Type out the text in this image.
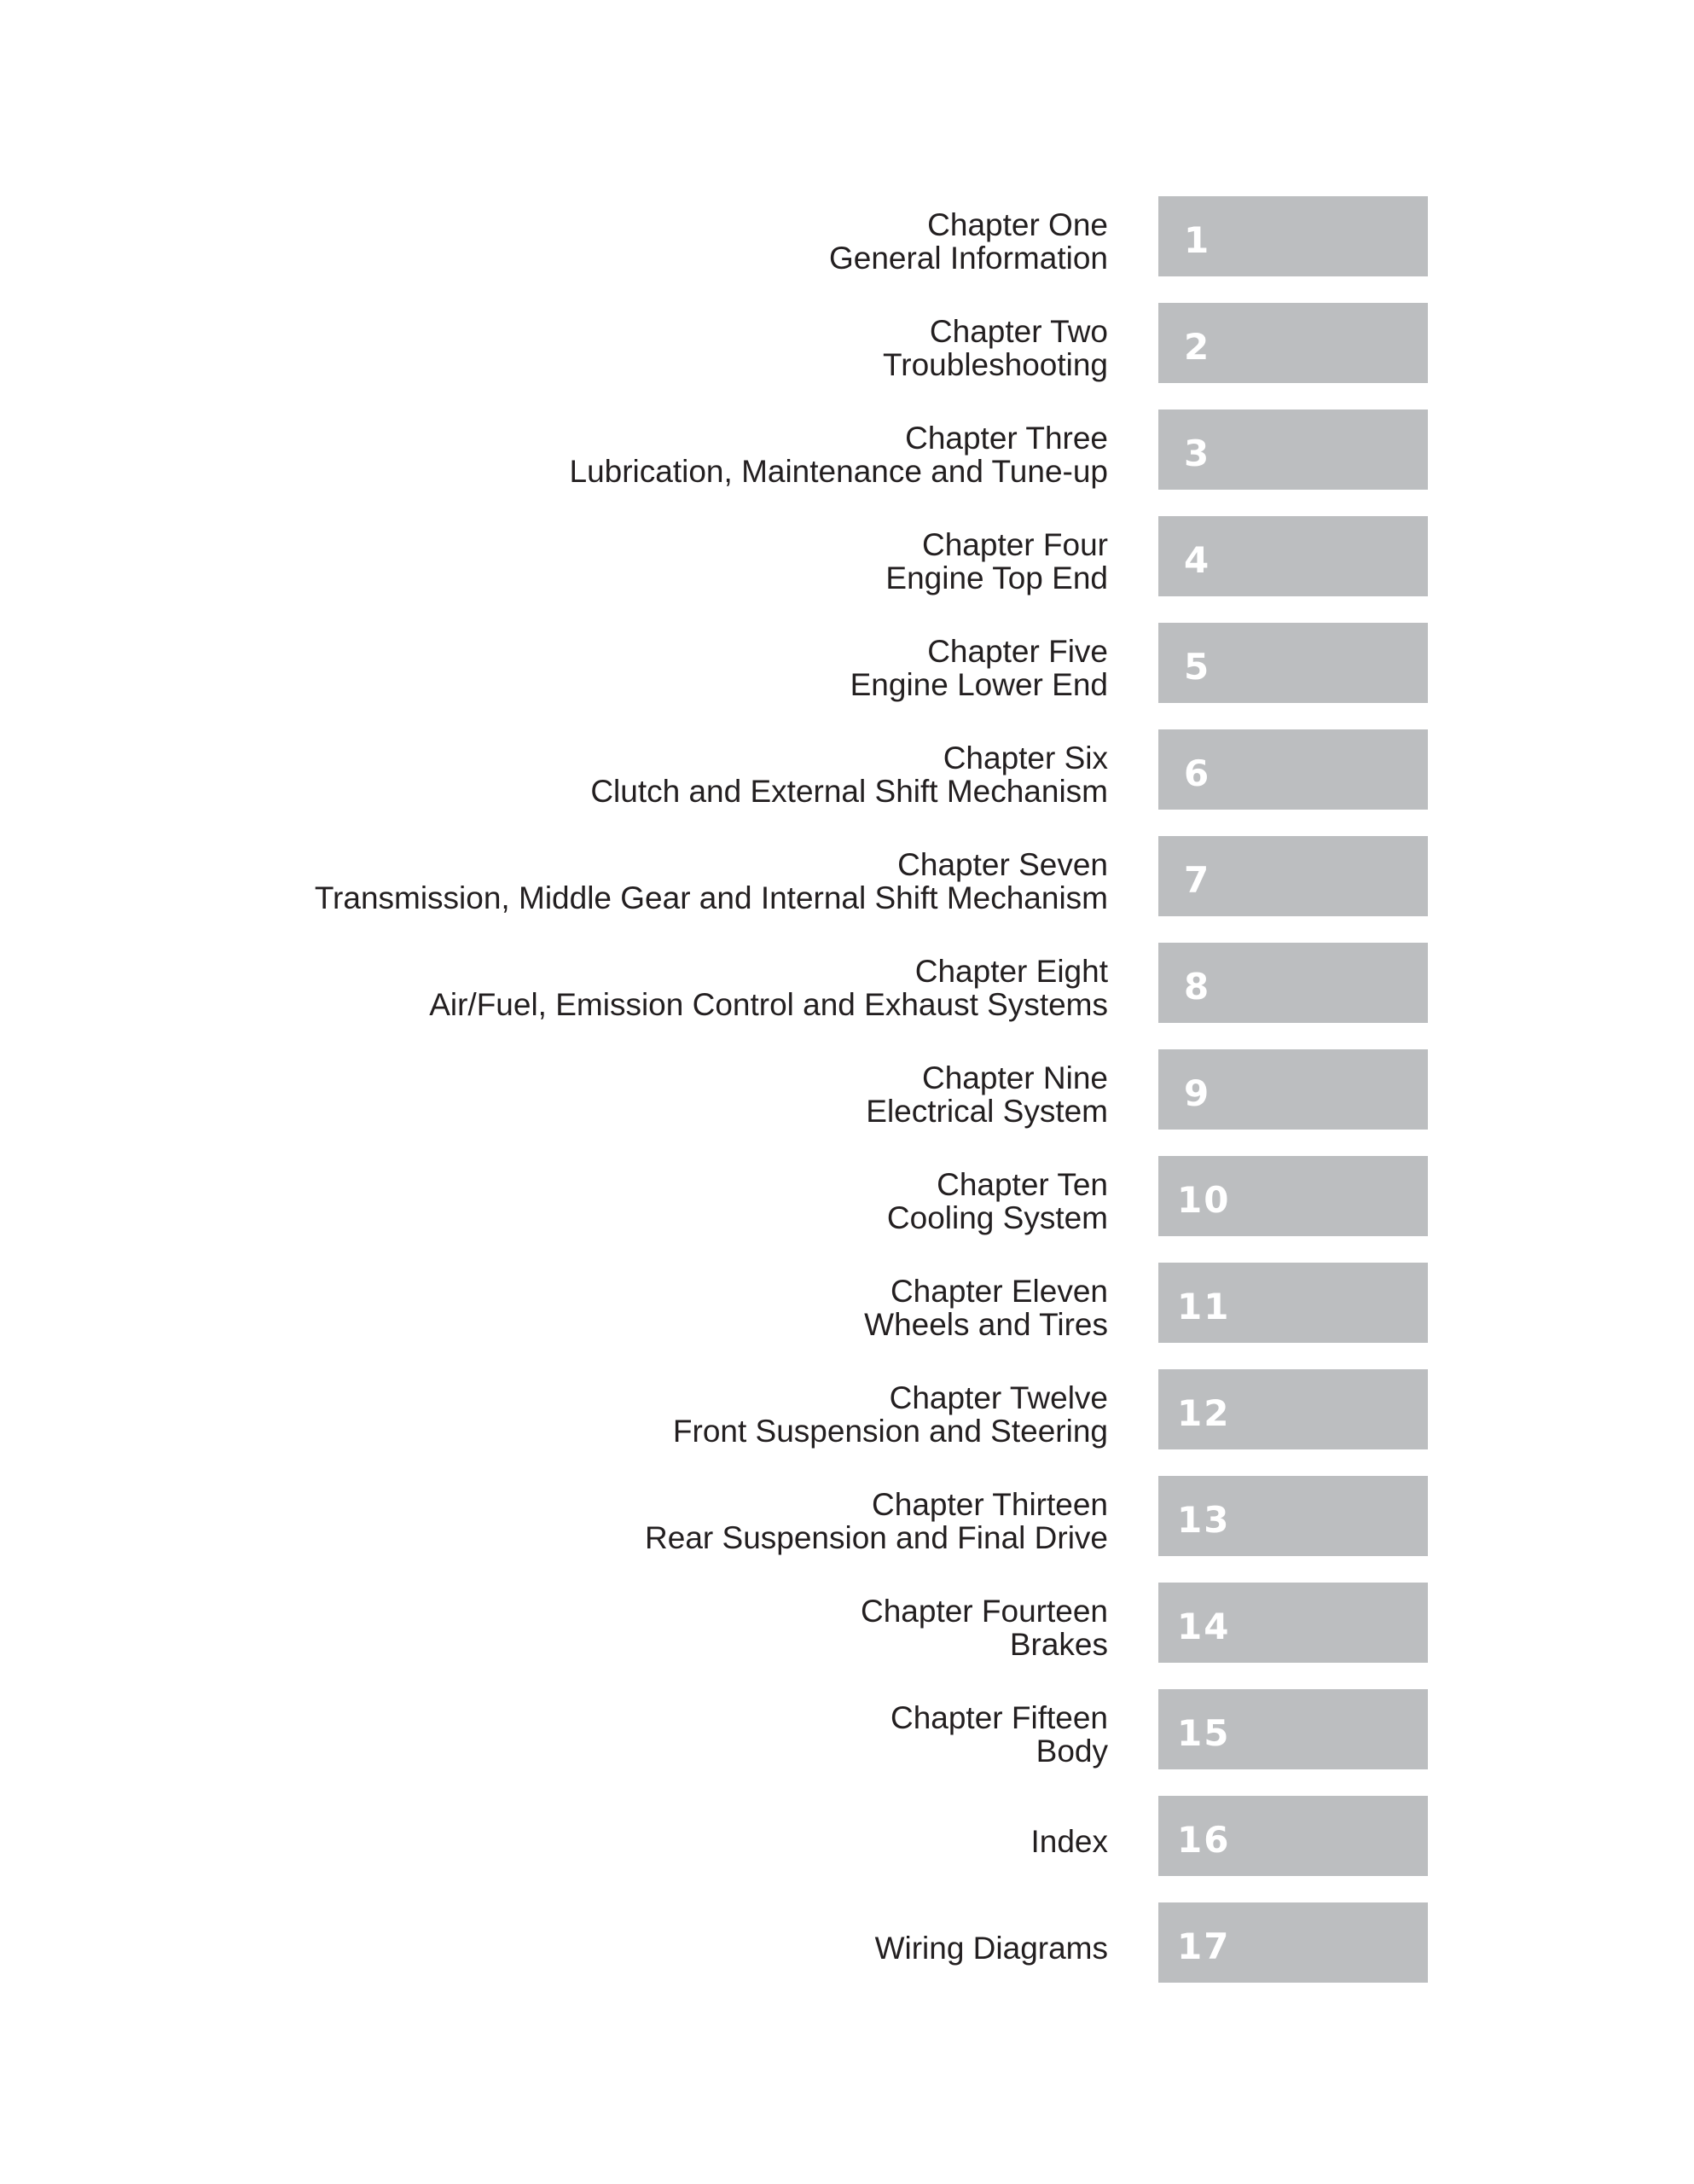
Chapter One
General Information	1
Chapter Two
Troubleshooting	2
Chapter Three
Lubrication, Maintenance and Tune-up	3
Chapter Four
Engine Top End	4
Chapter Five
Engine Lower End	5
Chapter Six
Clutch and External Shift Mechanism	6
Chapter Seven
Transmission, Middle Gear and Internal Shift Mechanism	7
Chapter Eight
Air/Fuel, Emission Control and Exhaust Systems	8
Chapter Nine
Electrical System	9
Chapter Ten
Cooling System	10
Chapter Eleven
Wheels and Tires	11
Chapter Twelve
Front Suspension and Steering	12
Chapter Thirteen
Rear Suspension and Final Drive	13
Chapter Fourteen
Brakes	14
Chapter Fifteen
Body	15
Index	16
Wiring Diagrams	17
